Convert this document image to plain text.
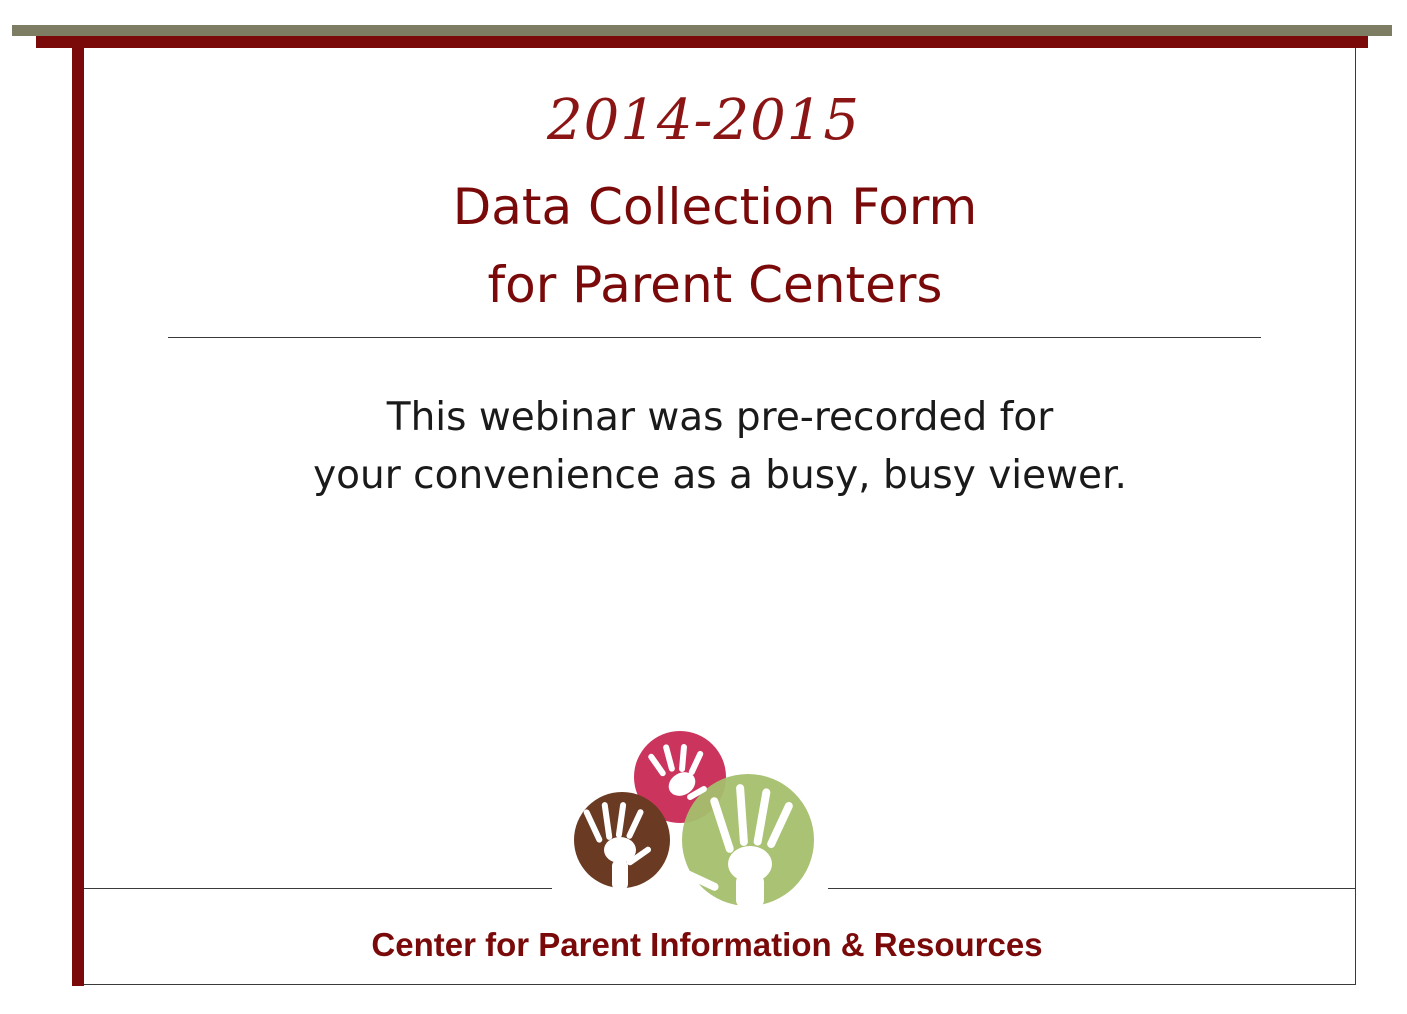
2014-2015
Data Collection Form
for Parent Centers
This webinar was pre-recorded for
your convenience as a busy, busy viewer.
Center for Parent Information & Resources
